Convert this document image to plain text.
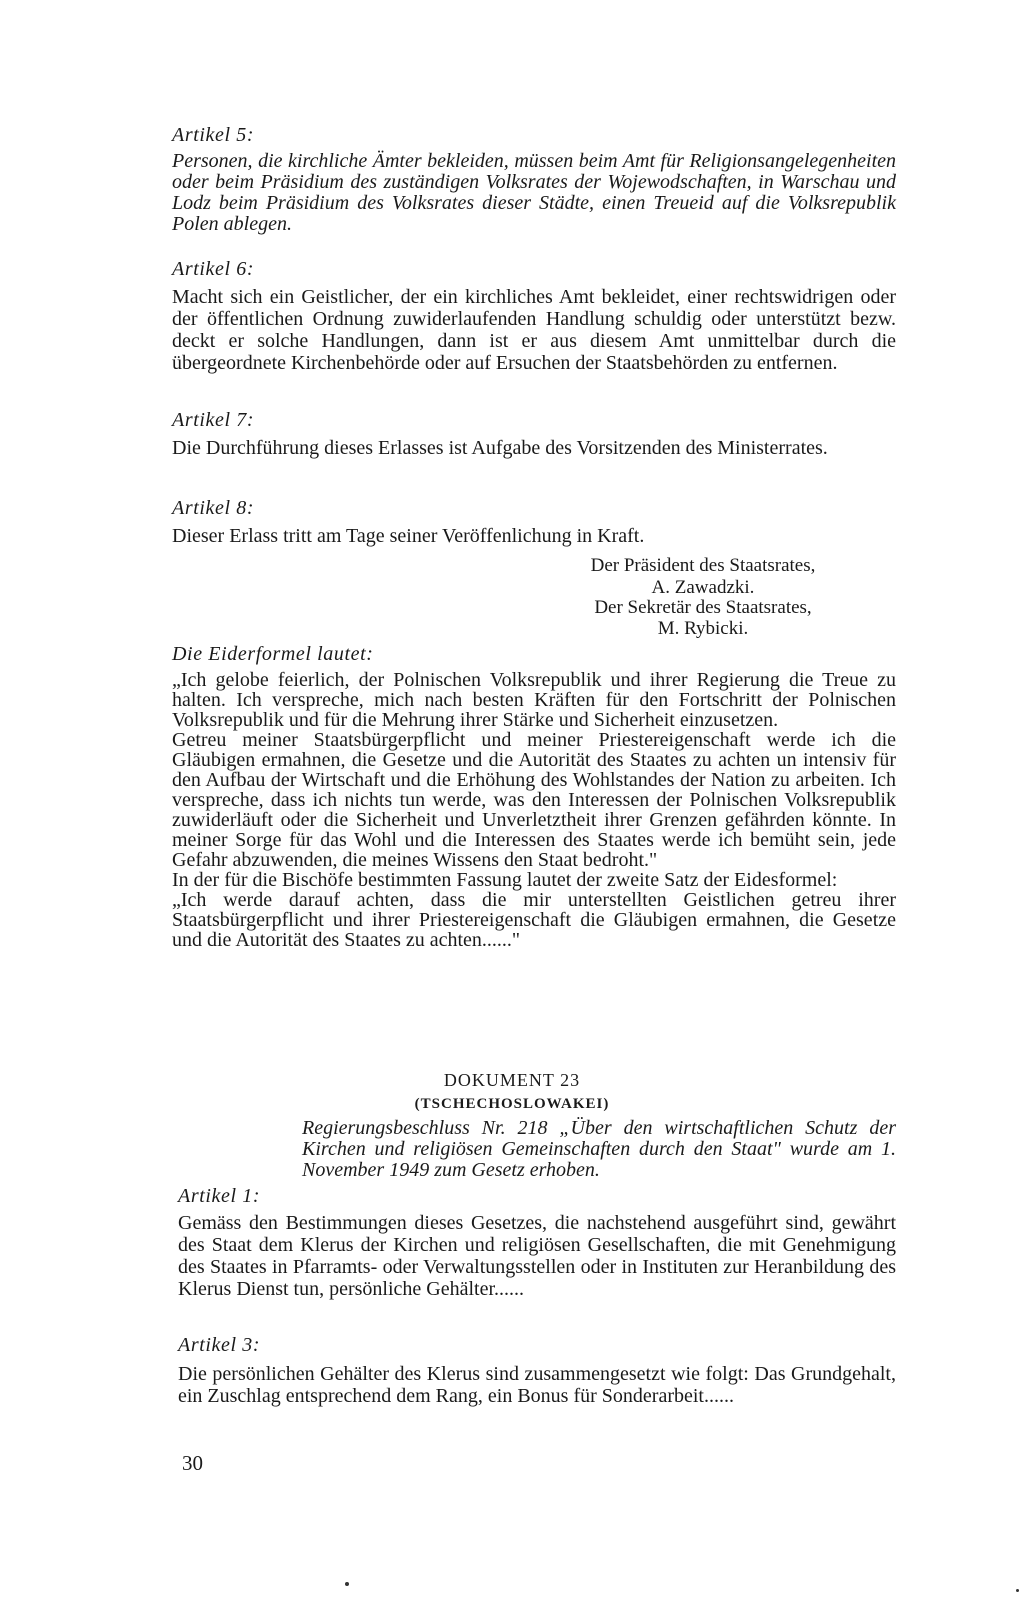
Artikel 5:

Personen, die kirchliche Ämter bekleiden, müssen beim Amt für Religionsangelegenheiten oder beim Präsidium des zuständigen Volksrates der Wojewodschaften, in Warschau und Lodz beim Präsidium des Volksrates dieser Städte, einen Treueid auf die Volksrepublik Polen ablegen.

Artikel 6:

Macht sich ein Geistlicher, der ein kirchliches Amt bekleidet, einer rechtswidrigen oder der öffentlichen Ordnung zuwiderlaufenden Handlung schuldig oder unterstützt bezw. deckt er solche Handlungen, dann ist er aus diesem Amt unmittelbar durch die übergeordnete Kirchenbehörde oder auf Ersuchen der Staatsbehörden zu entfernen.

Artikel 7:

Die Durchführung dieses Erlasses ist Aufgabe des Vorsitzenden des Ministerrates.

Artikel 8:

Dieser Erlass tritt am Tage seiner Veröffenlichung in Kraft.

Der Präsident des Staatsrates,
A. Zawadzki.
Der Sekretär des Staatsrates,
M. Rybicki.

Die Eiderformel lautet:

„Ich gelobe feierlich, der Polnischen Volksrepublik und ihrer Regierung die Treue zu halten. Ich verspreche, mich nach besten Kräften für den Fortschritt der Polnischen Volksrepublik und für die Mehrung ihrer Stärke und Sicherheit einzusetzen.

Getreu meiner Staatsbürgerpflicht und meiner Priestereigenschaft werde ich die Gläubigen ermahnen, die Gesetze und die Autorität des Staates zu achten un intensiv für den Aufbau der Wirtschaft und die Erhöhung des Wohlstandes der Nation zu arbeiten. Ich verspreche, dass ich nichts tun werde, was den Interessen der Polnischen Volksrepublik zuwiderläuft oder die Sicherheit und Unverletztheit ihrer Grenzen gefährden könnte. In meiner Sorge für das Wohl und die Interessen des Staates werde ich bemüht sein, jede Gefahr abzuwenden, die meines Wissens den Staat bedroht."

In der für die Bischöfe bestimmten Fassung lautet der zweite Satz der Eidesformel:

„Ich werde darauf achten, dass die mir unterstellten Geistlichen getreu ihrer Staatsbürgerpflicht und ihrer Priestereigenschaft die Gläubigen ermahnen, die Gesetze und die Autorität des Staates zu achten......"

DOKUMENT 23
(TSCHECHOSLOWAKEI)

Regierungsbeschluss Nr. 218 „Über den wirtschaftlichen Schutz der Kirchen und religiösen Gemeinschaften durch den Staat" wurde am 1. November 1949 zum Gesetz erhoben.

Artikel 1:

Gemäss den Bestimmungen dieses Gesetzes, die nachstehend ausgeführt sind, gewährt des Staat dem Klerus der Kirchen und religiösen Gesellschaften, die mit Genehmigung des Staates in Pfarramts- oder Verwaltungsstellen oder in Instituten zur Heranbildung des Klerus Dienst tun, persönliche Gehälter......

Artikel 3:

Die persönlichen Gehälter des Klerus sind zusammengesetzt wie folgt: Das Grundgehalt, ein Zuschlag entsprechend dem Rang, ein Bonus für Sonderarbeit......

30
